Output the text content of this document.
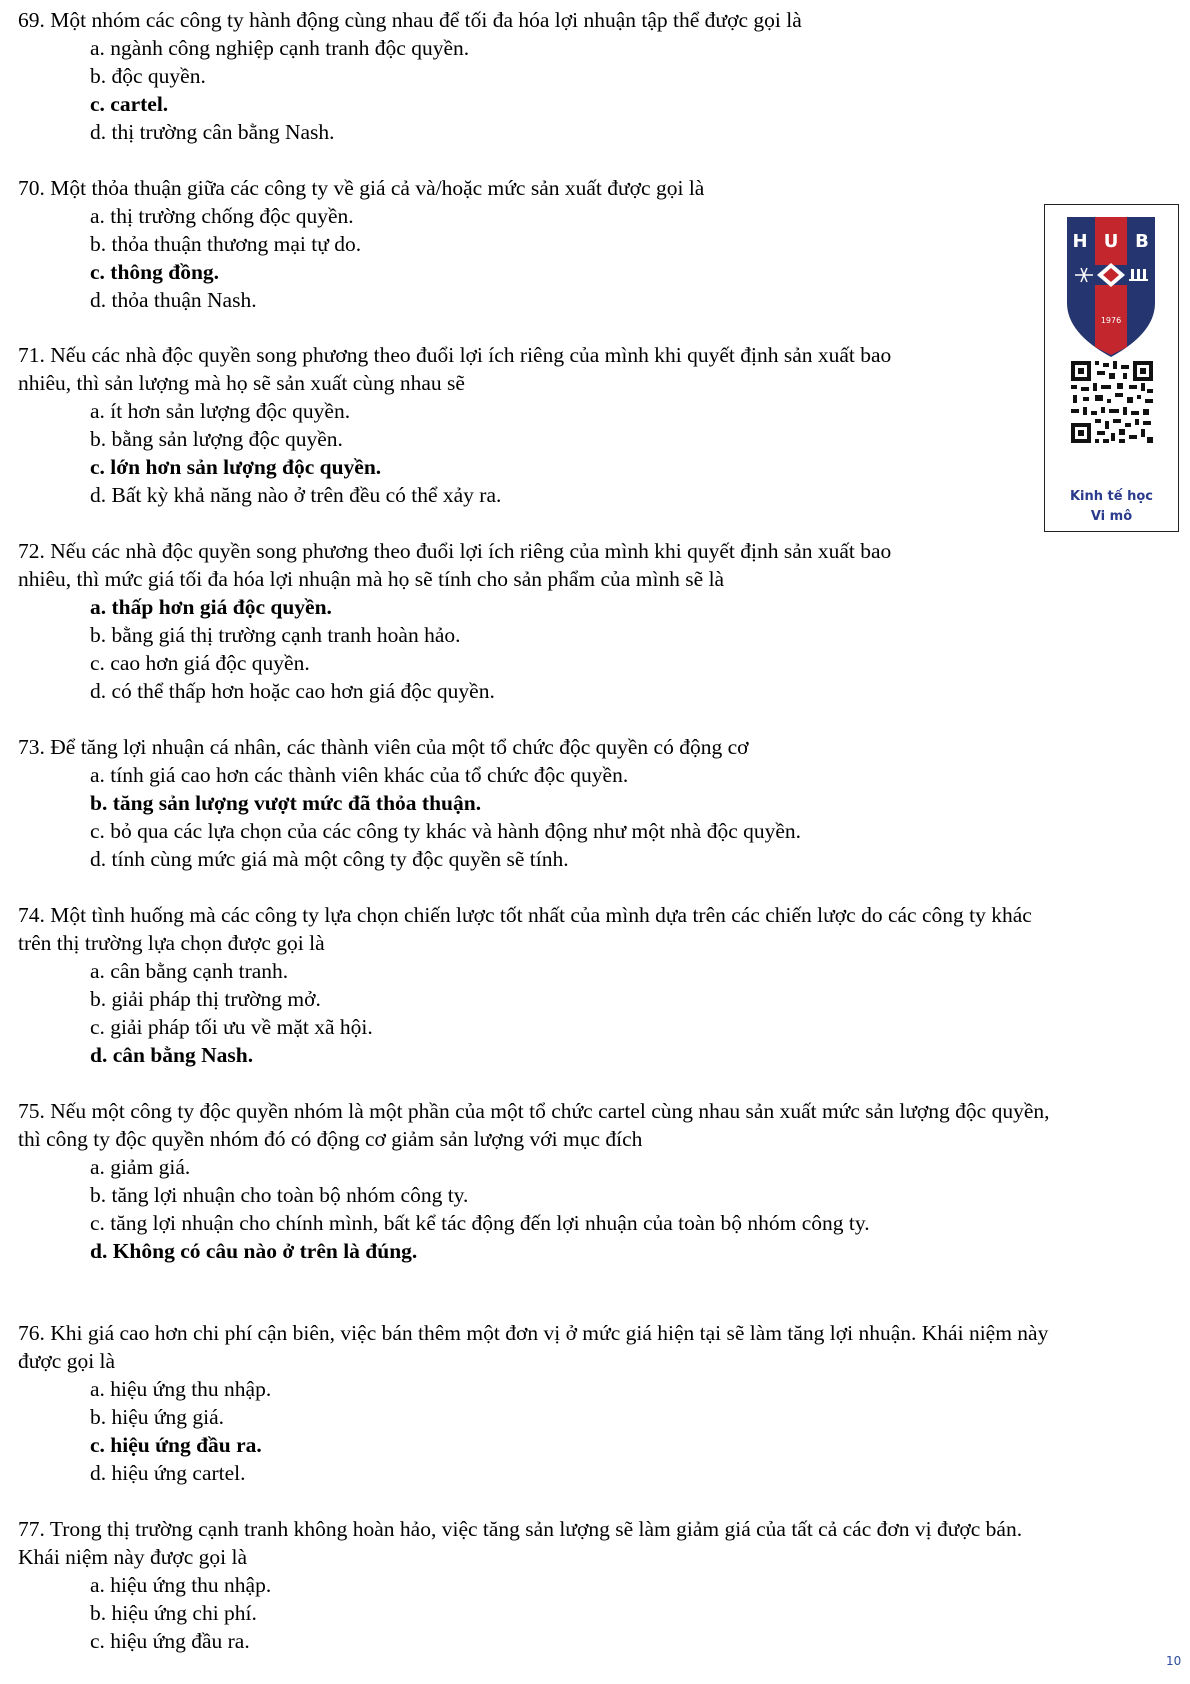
69. Một nhóm các công ty hành động cùng nhau để tối đa hóa lợi nhuận tập thể được gọi là
a. ngành công nghiệp cạnh tranh độc quyền.
b. độc quyền.
c. cartel.
d. thị trường cân bằng Nash.
70. Một thỏa thuận giữa các công ty về giá cả và/hoặc mức sản xuất được gọi là
a. thị trường chống độc quyền.
b. thỏa thuận thương mại tự do.
c. thông đồng.
d. thỏa thuận Nash.
71. Nếu các nhà độc quyền song phương theo đuổi lợi ích riêng của mình khi quyết định sản xuất bao
nhiêu, thì sản lượng mà họ sẽ sản xuất cùng nhau sẽ
a. ít hơn sản lượng độc quyền.
b. bằng sản lượng độc quyền.
c. lớn hơn sản lượng độc quyền.
d. Bất kỳ khả năng nào ở trên đều có thể xảy ra.
72. Nếu các nhà độc quyền song phương theo đuổi lợi ích riêng của mình khi quyết định sản xuất bao
nhiêu, thì mức giá tối đa hóa lợi nhuận mà họ sẽ tính cho sản phẩm của mình sẽ là
a. thấp hơn giá độc quyền.
b. bằng giá thị trường cạnh tranh hoàn hảo.
c. cao hơn giá độc quyền.
d. có thể thấp hơn hoặc cao hơn giá độc quyền.
73. Để tăng lợi nhuận cá nhân, các thành viên của một tổ chức độc quyền có động cơ
a. tính giá cao hơn các thành viên khác của tổ chức độc quyền.
b. tăng sản lượng vượt mức đã thỏa thuận.
c. bỏ qua các lựa chọn của các công ty khác và hành động như một nhà độc quyền.
d. tính cùng mức giá mà một công ty độc quyền sẽ tính.
74. Một tình huống mà các công ty lựa chọn chiến lược tốt nhất của mình dựa trên các chiến lược do các công ty khác
trên thị trường lựa chọn được gọi là
a. cân bằng cạnh tranh.
b. giải pháp thị trường mở.
c. giải pháp tối ưu về mặt xã hội.
d. cân bằng Nash.
75. Nếu một công ty độc quyền nhóm là một phần của một tổ chức cartel cùng nhau sản xuất mức sản lượng độc quyền,
thì công ty độc quyền nhóm đó có động cơ giảm sản lượng với mục đích
a. giảm giá.
b. tăng lợi nhuận cho toàn bộ nhóm công ty.
c. tăng lợi nhuận cho chính mình, bất kể tác động đến lợi nhuận của toàn bộ nhóm công ty.
d. Không có câu nào ở trên là đúng.
76. Khi giá cao hơn chi phí cận biên, việc bán thêm một đơn vị ở mức giá hiện tại sẽ làm tăng lợi nhuận. Khái niệm này
được gọi là
a. hiệu ứng thu nhập.
b. hiệu ứng giá.
c. hiệu ứng đầu ra.
d. hiệu ứng cartel.
77. Trong thị trường cạnh tranh không hoàn hảo, việc tăng sản lượng sẽ làm giảm giá của tất cả các đơn vị được bán.
Khái niệm này được gọi là
a. hiệu ứng thu nhập.
b. hiệu ứng chi phí.
c. hiệu ứng đầu ra.
H U B
1976
Kinh tế học
Vi mô
10
